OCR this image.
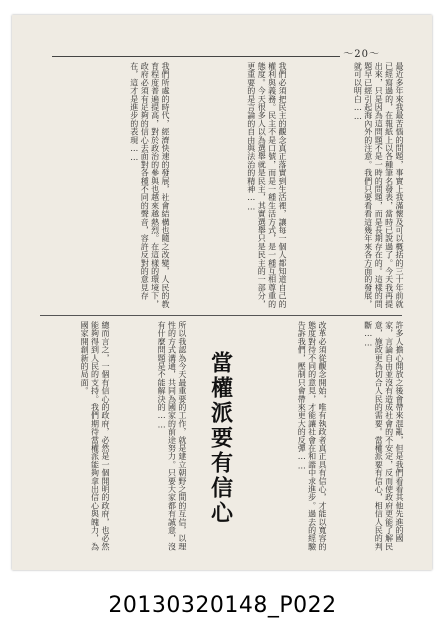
～20～
最近多年來我最苦惱的問題，事實上我滿懷及可以概括的三十年前就已經寫過的，在報紙上以各種筆名發表，當時已說過了。今天我再提出來，只是因為這問題不是一時的問題，而是長期存在的。這樣的問題早已經引起海內外的注意。我們只要看看這幾年來各方面的發展，就可以明白……
我們必須把民主的觀念真正落實到生活裡，讓每一個人都知道自己的權利與義務。民主不是口號，而是一種生活方式，是一種互相尊重的態度。今天很多人以為選舉就是民主，其實選舉只是民主的一部分，更重要的是言論的自由與法治的精神……
我們所處的時代，經濟快速的發展，社會結構也隨之改變，人民的教育程度普遍提高，對於政治的參與也越來越熱烈。在這樣的環境下，政府必須有足夠的信心去面對各種不同的聲音，容許反對的意見存在，這才是進步的表現……
許多人擔心開放之後會帶來混亂，但是我們看看其他先進的國家，言論自由並沒有造成社會的不安定，反而使政府更能了解民意，施政更為切合人民的需要。當權派要有信心，相信人民的判斷……
改革必須從觀念開始，唯有執政者真正具有信心，才能以寬容的態度對待不同的意見，才能讓社會在和諧中求進步。過去的經驗告訴我們，壓制只會帶來更大的反彈……
當權派要有信心
所以我認為今天最重要的工作，就是建立朝野之間的互信，以理性的方式溝通，共同為國家的前途努力。只要大家都有誠意，沒有什麼問題是不能解決的……
總而言之，一個有信心的政府，必然是一個開明的政府，也必然能夠得到人民的支持。我們期待當權派能夠拿出信心與魄力，為國家開創新的局面。
20130320148_P022
